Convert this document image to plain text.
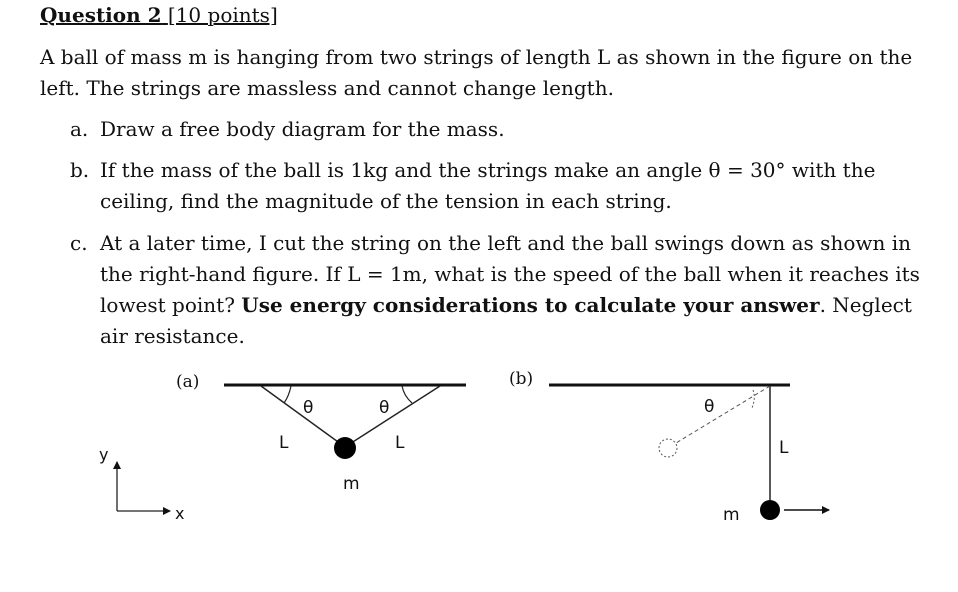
Question 2 [10 points]
A ball of mass m is hanging from two strings of length L as shown in the figure on the left. The strings are massless and cannot change length.
a. Draw a free body diagram for the mass.
b. If the mass of the ball is 1kg and the strings make an angle θ = 30° with the ceiling, find the magnitude of the tension in each string.
c. At a later time, I cut the string on the left and the ball swings down as shown in the right-hand figure. If L = 1m, what is the speed of the ball when it reaches its lowest point? Use energy considerations to calculate your answer. Neglect air resistance.
(a)
θ	θ
L	L
m
y
x
(b)
θ
L
m
